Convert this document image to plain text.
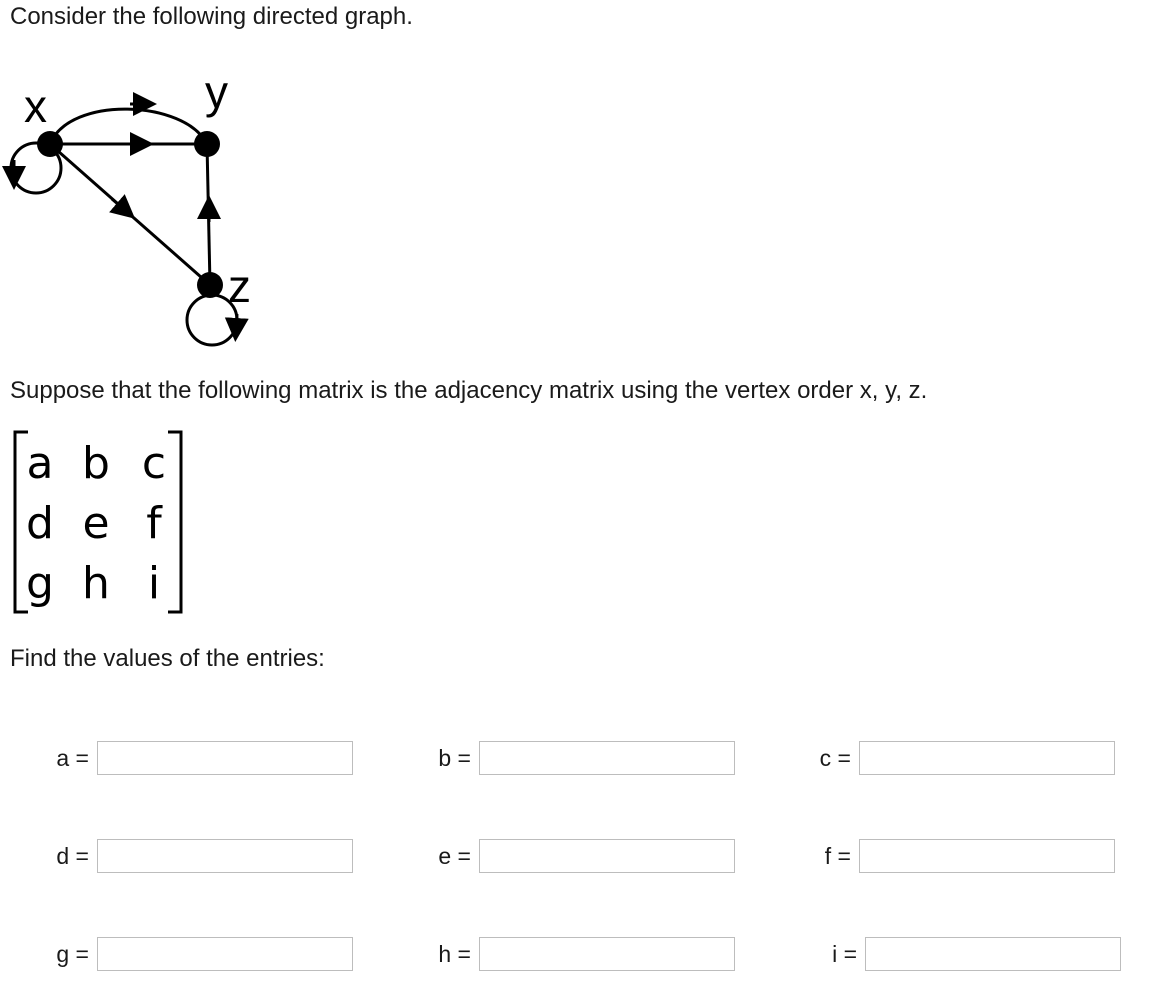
Consider the following directed graph.
x	y
z
Suppose that the following matrix is the adjacency matrix using the vertex order x, y, z.
a b c
d e f
g h i
Find the values of the entries:
a =	b =	c =
d =	e =	f =
g =	h =	i =
